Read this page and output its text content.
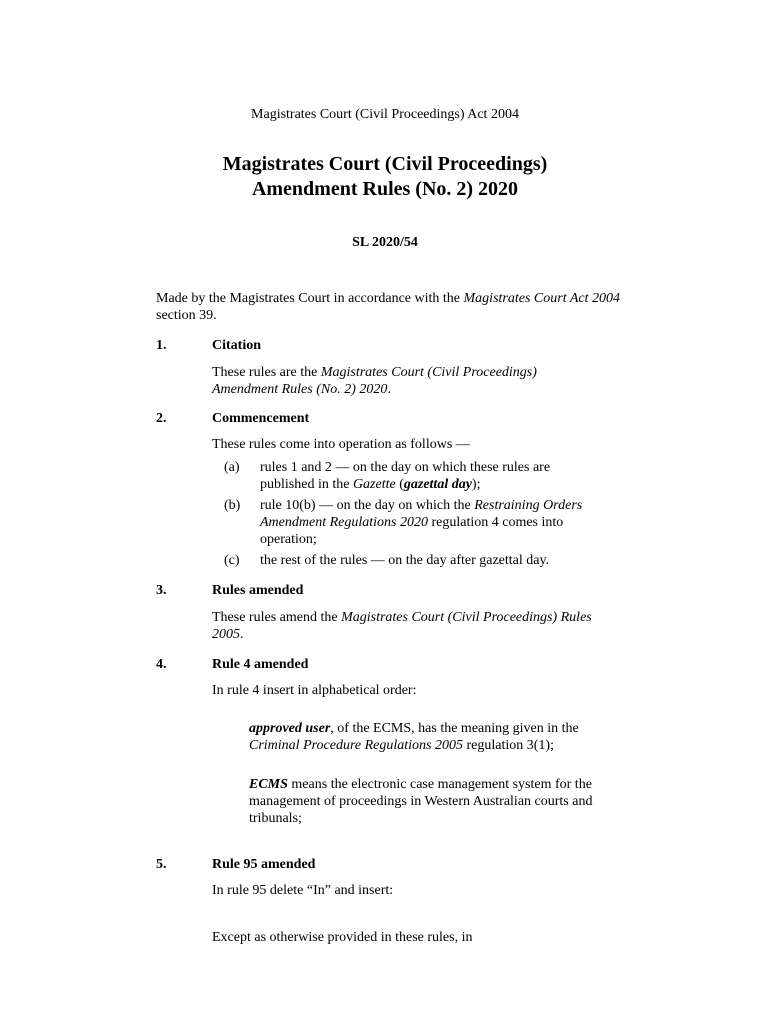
Magistrates Court (Civil Proceedings) Act 2004
Magistrates Court (Civil Proceedings)
Amendment Rules (No. 2) 2020
SL 2020/54
Made by the Magistrates Court in accordance with the Magistrates Court Act 2004 section 39.
1.	Citation
These rules are the Magistrates Court (Civil Proceedings) Amendment Rules (No. 2) 2020.
2.	Commencement
These rules come into operation as follows —
(a) rules 1 and 2 — on the day on which these rules are published in the Gazette (gazettal day);
(b) rule 10(b) — on the day on which the Restraining Orders Amendment Regulations 2020 regulation 4 comes into operation;
(c) the rest of the rules — on the day after gazettal day.
3.	Rules amended
These rules amend the Magistrates Court (Civil Proceedings) Rules 2005.
4.	Rule 4 amended
In rule 4 insert in alphabetical order:
approved user, of the ECMS, has the meaning given in the Criminal Procedure Regulations 2005 regulation 3(1);
ECMS means the electronic case management system for the management of proceedings in Western Australian courts and tribunals;
5.	Rule 95 amended
In rule 95 delete “In” and insert:
Except as otherwise provided in these rules, in
